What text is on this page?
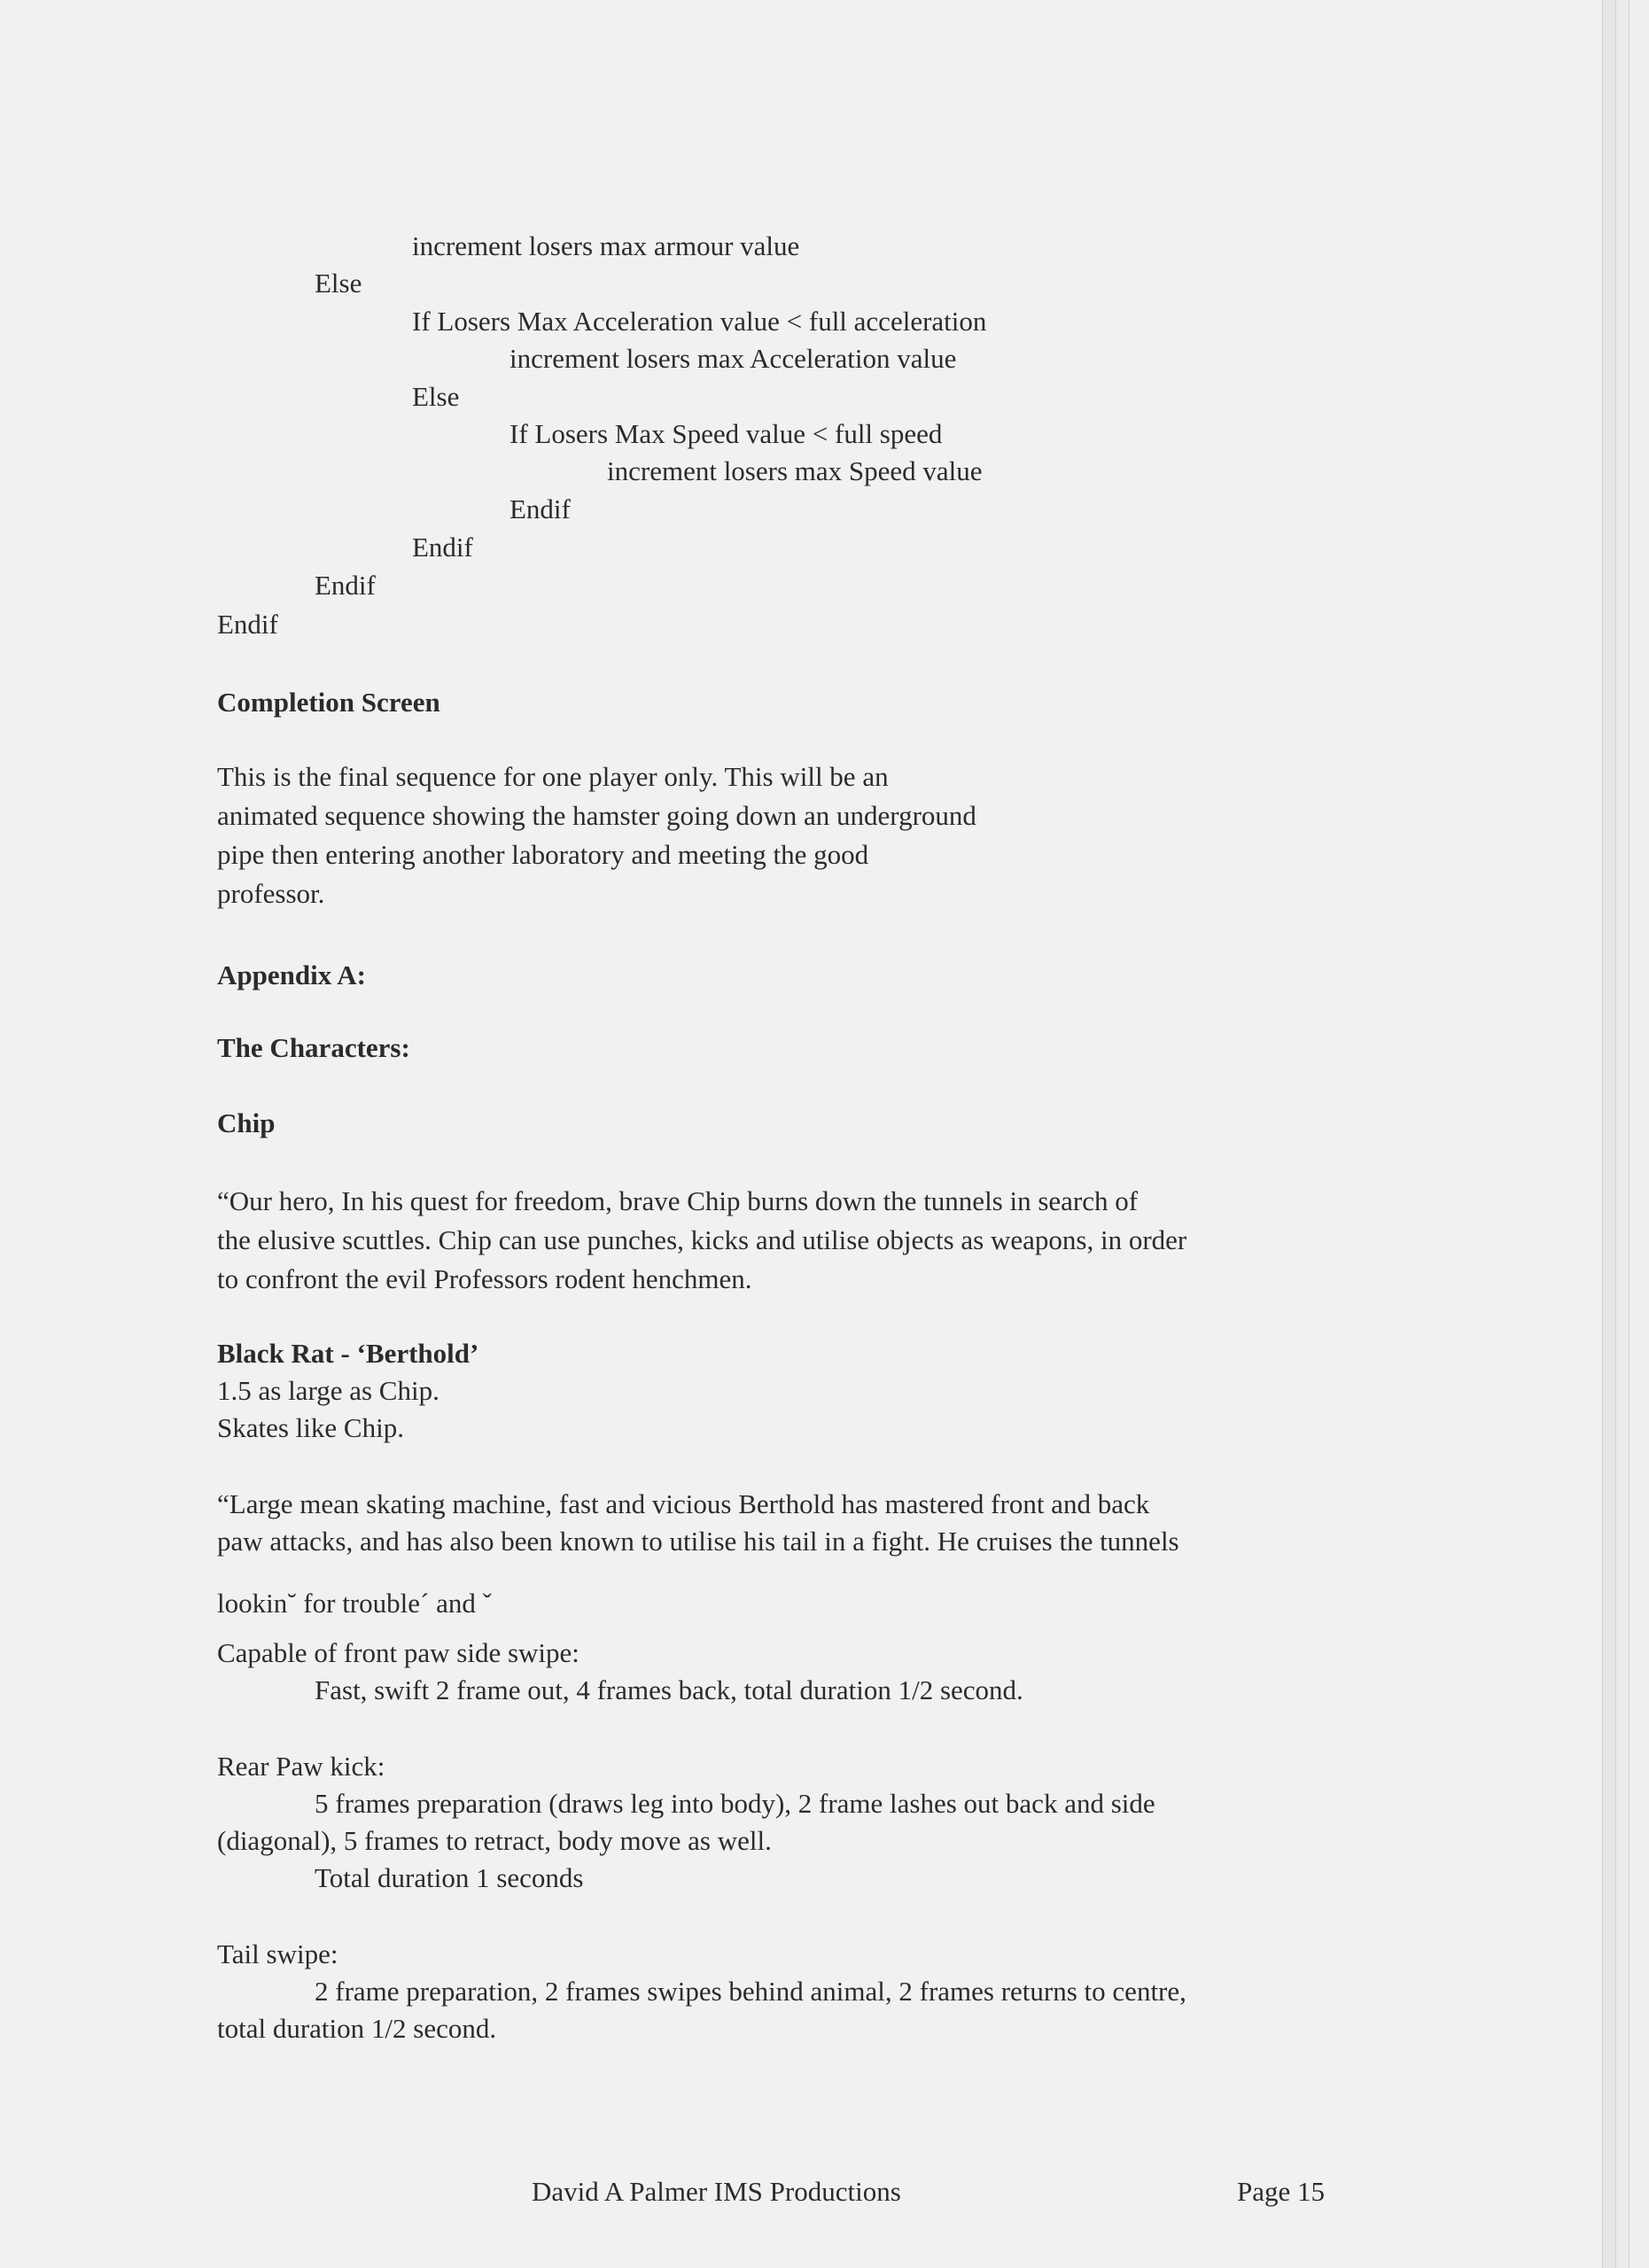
increment losers max armour value
Else
If Losers Max Acceleration value < full acceleration
increment losers max Acceleration value
Else
If Losers Max Speed value < full speed
increment losers max Speed value
Endif
Endif
Endif
Endif
Completion Screen
This is the final sequence for one player only. This will be an
animated sequence showing the hamster going down an underground
pipe then entering another laboratory and meeting the good
professor.
Appendix A:
The Characters:
Chip
“Our hero, In his quest for freedom, brave Chip burns down the tunnels in search of
the elusive scuttles. Chip can use punches, kicks and utilise objects as weapons, in order
to confront the evil Professors rodent henchmen.
Black Rat - ‘Berthold’
1.5 as large as Chip.
Skates like Chip.
“Large mean skating machine, fast and vicious Berthold has mastered front and back
paw attacks, and has also been known to utilise his tail in a fight. He cruises the tunnels
lookin˘ for trouble´ and ˇ
Capable of front paw side swipe:
Fast, swift 2 frame out, 4 frames back, total duration 1/2 second.
Rear Paw kick:
5 frames preparation (draws leg into body), 2 frame lashes out back and side
(diagonal), 5 frames to retract, body move as well.
Total duration 1 seconds
Tail swipe:
2 frame preparation, 2 frames swipes behind animal, 2 frames returns to centre,
total duration 1/2 second.
David A Palmer IMS Productions	Page 15
